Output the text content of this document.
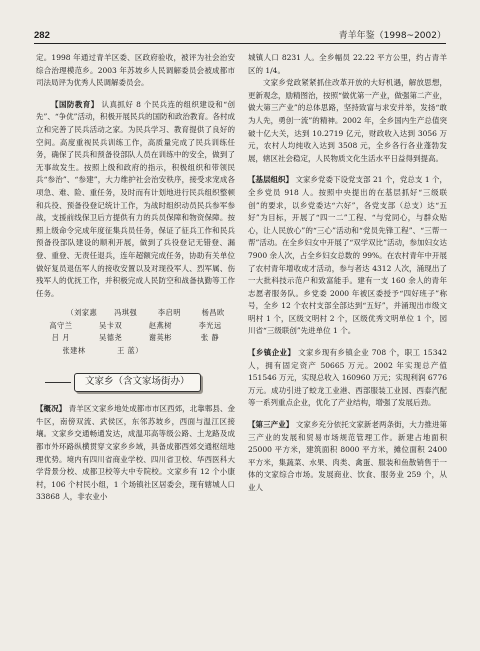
282	青羊年鉴（1998~2002）

定。1998 年通过青羊区委、区政府验收，被评为社会治安综合治理模范乡。2003 年苏坡乡人民调解委员会被成都市司法局评为优秀人民调解委员会。

【国防教育】 认真抓好 8 个民兵连的组织建设和“创先”、“争优”活动，积极开展民兵的国防和政治教育。各村成立和完善了民兵活动之家。为民兵学习、教育提供了良好的空间。高度重视民兵训练工作，高质量完成了民兵训练任务，确保了民兵和预备役部队人员在训练中的安全，做到了无事故发生。按照上级和政府的指示，积极组织和带领民兵“参治”、“参建”，大力维护社会治安秩序，接受求宠成各项急、难、险、重任务，及时而有计划地进行民兵组织整顿和兵役、预备役登记统计工作，为战时组织动员民兵参军参战，支援前线保卫后方提供有力的兵员保障和物资保障。按照上级命令完成年度征集兵员任务，保证了征兵工作和民兵预备役部队建设的顺利开展，做到了兵役登记无错登、漏登、重登、无责任退兵，连年超额完成任务，协助有关单位做好复员退伍军人的接收安置以及对现役军人、烈军属、伤残军人的优抚工作，并积极完成人民防空和战备执勤等工作任务。

（刘家惠	冯琪强	李启明	杨昌欧
高守兰	吴卡双	赵燕树	李光远
吕 月	吴德尧	谢英彬	张 静
张建林	王 蓝）
文家乡（含文家场街办）

【概况】 青羊区文家乡地处成都市市区西郊，北靠郫县、金牛区，南傍双流、武侯区，东邻苏坡乡，西面与温江区接壤。文家乡交通畅通发达，成温邛高等级公路、土龙路及成都市外环路纵横贯穿文家乡乡域，具备成都西郊交通枢纽地理优势。境内有四川省商业学校、四川省卫校、华西医科大学背景分校、成都卫校等大中专院校。文家乡有 12 个小康村，106 个村民小组，1 个场镇社区居委会，现有辖城人口 33868 人，非农业小

城镇人口 8231 人。全乡幅员 22.22 平方公里，约占青羊区的 1/4。

文家乡党政紧紧抓住改革开放的大好机遇，解放思想，更新观念，励精图治，按照“做优第一产业，做强第二产业，做大第三产业”的总体思路，坚持致富与求安并举，发扬“敢为人先，勇创一流”的精神。2002 年，全乡国内生产总值突破十亿大关，达到 10.2719 亿元，财政收入达到 3056 万元，农村人均纯收入达到 3508 元，全乡各行各业蓬勃发展，辖区社会稳定，人民物质文化生活水平日益得到提高。

【基层组织】 文家乡党委下设党支部 21 个，党总支 1 个，全乡党员 918 人。按照中央提出的在基层抓好“三级联创”的要求，以乡党委达“六好”，各党支部（总支）达“五好”为目标，开展了“四一二”工程、“与党同心，与群众贴心，让人民放心”的“三心”活动和“党员先锋工程”、“三帮一帮”活动。在全乡妇女中开展了“双学双比”活动，参加妇女达 7900 余人次，占全乡妇女总数的 99%。在农村青年中开展了农村青年增收成才活动，参与者达 4312 人次，涌现出了一大批科技示范户和致富能手。建有一支 160 余人的青年志愿者服务队。乡党委 2000 年被区委授予“四好班子”称号，全乡 12 个农村支部全部达到“五好”，并涌现出市级文明村 1 个，区级文明村 2 个，区级优秀文明单位 1 个，园川省“三级联创”先进单位 1 个。

【乡镇企业】 文家乡现有乡镇企业 708 个，职工 15342 人，拥有固定资产 50665 万元。2002 年实现总产值 151546 万元，实现总收入 160960 万元；实现利润 6776 万元。成功引进了蛟龙工业港、西部服装工业园、西泰汽配等一系列重点企业，优化了产业结构，增强了发展后劲。

【第三产业】 文家乡充分依托文家新老两条街，大力推进第三产业的发展和贸易市场规范管理工作。新建占地面积 25000 平方米，建筑面积 8000 平方米，摊位面积 2400 平方米，集蔬菜、水果、肉类、禽蛋、服装和鱼散销售于一体的文家综合市场。发展商业、饮食、服务业 259 个，从业人
